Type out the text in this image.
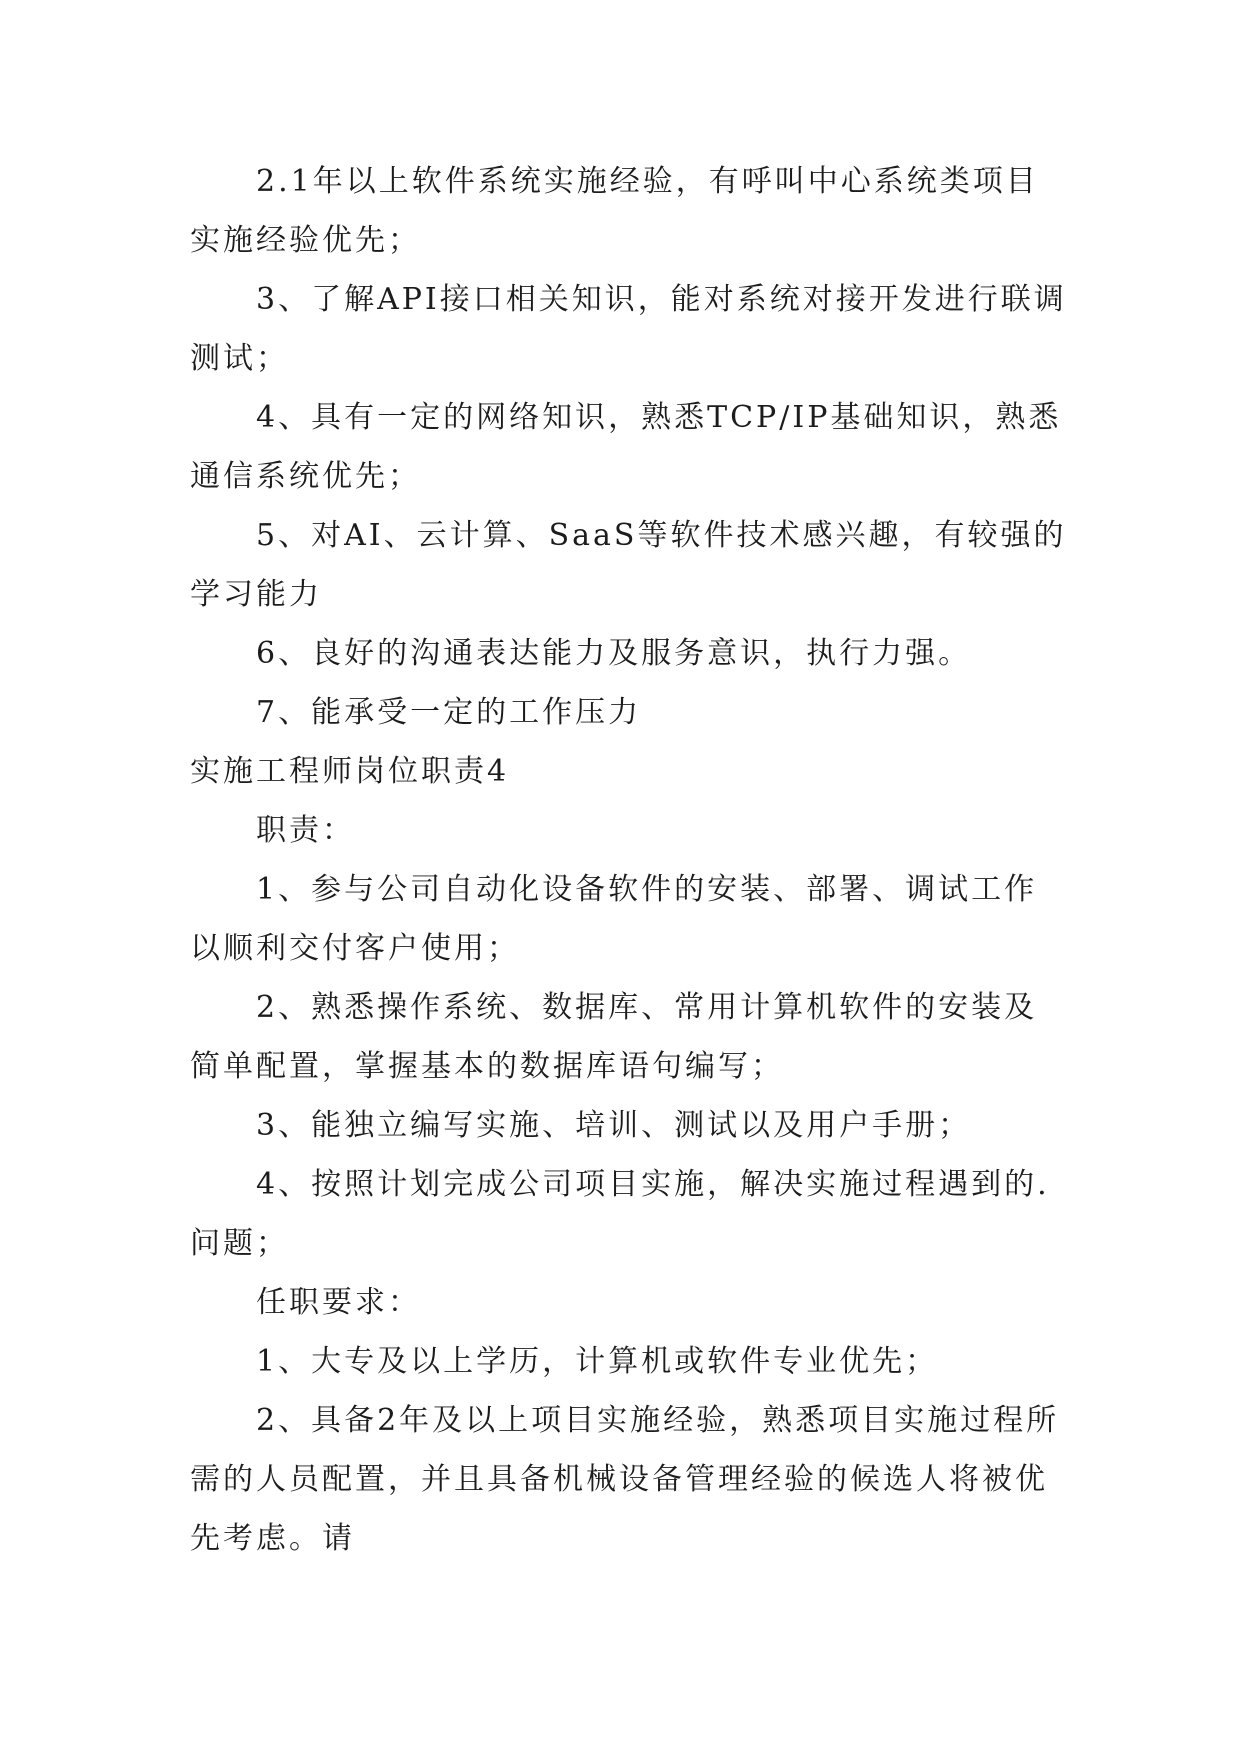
2.1年以上软件系统实施经验，有呼叫中心系统类项目实施经验优先；

3、了解API接口相关知识，能对系统对接开发进行联调测试；

4、具有一定的网络知识，熟悉TCP/IP基础知识，熟悉通信系统优先；

5、对AI、云计算、SaaS等软件技术感兴趣，有较强的学习能力

6、良好的沟通表达能力及服务意识，执行力强。

7、能承受一定的工作压力

实施工程师岗位职责4

职责：

1、参与公司自动化设备软件的安装、部署、调试工作以顺利交付客户使用；

2、熟悉操作系统、数据库、常用计算机软件的安装及简单配置，掌握基本的数据库语句编写；

3、能独立编写实施、培训、测试以及用户手册；

4、按照计划完成公司项目实施，解决实施过程遇到的.问题；

任职要求：

1、大专及以上学历，计算机或软件专业优先；

2、具备2年及以上项目实施经验，熟悉项目实施过程所需的人员配置，并且具备机械设备管理经验的候选人将被优先考虑。请
